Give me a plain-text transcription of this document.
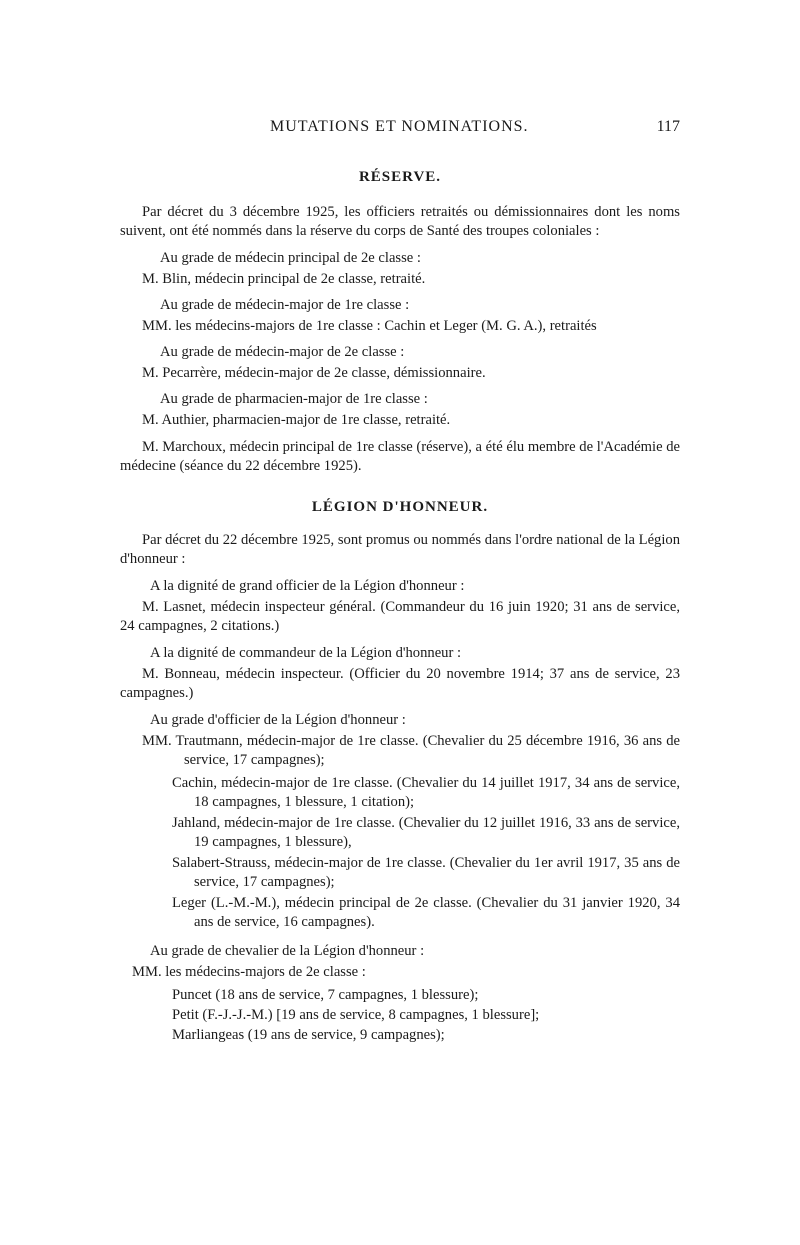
MUTATIONS ET NOMINATIONS.	117
RÉSERVE.

Par décret du 3 décembre 1925, les officiers retraités ou démissionnaires dont les noms suivent, ont été nommés dans la réserve du corps de Santé des troupes coloniales :

Au grade de médecin principal de 2e classe :
M. Blin, médecin principal de 2e classe, retraité.
Au grade de médecin-major de 1re classe :
MM. les médecins-majors de 1re classe : Cachin et Leger (M. G. A.), retraités
Au grade de médecin-major de 2e classe :
M. Pecarrère, médecin-major de 2e classe, démissionnaire.
Au grade de pharmacien-major de 1re classe :
M. Authier, pharmacien-major de 1re classe, retraité.

M. Marchoux, médecin principal de 1re classe (réserve), a été élu membre de l'Académie de médecine (séance du 22 décembre 1925).

LÉGION D'HONNEUR.

Par décret du 22 décembre 1925, sont promus ou nommés dans l'ordre national de la Légion d'honneur :

A la dignité de grand officier de la Légion d'honneur :

M. Lasnet, médecin inspecteur général. (Commandeur du 16 juin 1920; 31 ans de service, 24 campagnes, 2 citations.)

A la dignité de commandeur de la Légion d'honneur :

M. Bonneau, médecin inspecteur. (Officier du 20 novembre 1914; 37 ans de service, 23 campagnes.)

Au grade d'officier de la Légion d'honneur :
MM. Trautmann, médecin-major de 1re classe. (Chevalier du 25 décembre 1916, 36 ans de service, 17 campagnes);
Cachin, médecin-major de 1re classe. (Chevalier du 14 juillet 1917, 34 ans de service, 18 campagnes, 1 blessure, 1 citation);
Jahland, médecin-major de 1re classe. (Chevalier du 12 juillet 1916, 33 ans de service, 19 campagnes, 1 blessure),
Salabert-Strauss, médecin-major de 1re classe. (Chevalier du 1er avril 1917, 35 ans de service, 17 campagnes);
Leger (L.-M.-M.), médecin principal de 2e classe. (Chevalier du 31 janvier 1920, 34 ans de service, 16 campagnes).
Au grade de chevalier de la Légion d'honneur :
MM. les médecins-majors de 2e classe :
Puncet (18 ans de service, 7 campagnes, 1 blessure);
Petit (F.-J.-J.-M.) [19 ans de service, 8 campagnes, 1 blessure];
Marliangeas (19 ans de service, 9 campagnes);
